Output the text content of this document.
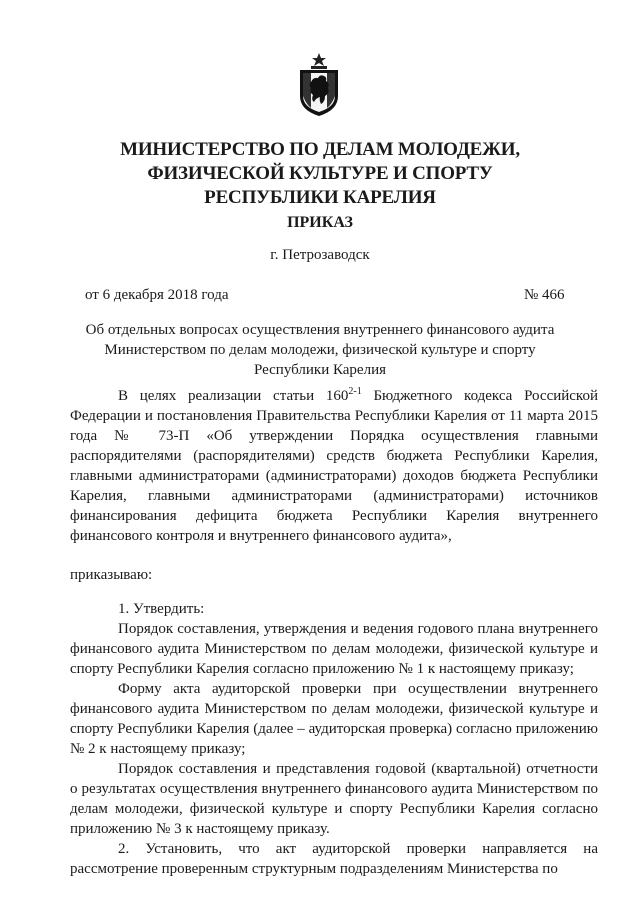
МИНИСТЕРСТВО ПО ДЕЛАМ МОЛОДЕЖИ,
ФИЗИЧЕСКОЙ КУЛЬТУРЕ И СПОРТУ
РЕСПУБЛИКИ КАРЕЛИЯ
ПРИКАЗ
г. Петрозаводск
от 6 декабря 2018 года	№ 466
Об отдельных вопросах осуществления внутреннего финансового аудита
Министерством по делам молодежи, физической культуре и спорту
Республики Карелия

В целях реализации статьи 160$^{2-1}$ Бюджетного кодекса Российской Федерации и постановления Правительства Республики Карелия от 11 марта 2015 года № 73-П «Об утверждении Порядка осуществления главными распорядителями (распорядителями) средств бюджета Республики Карелия, главными администраторами (администраторами) доходов бюджета Республики Карелия, главными администраторами (администраторами) источников финансирования дефицита бюджета Республики Карелия внутреннего финансового контроля и внутреннего финансового аудита»,

приказываю:

1. Утвердить:

Порядок составления, утверждения и ведения годового плана внутреннего финансового аудита Министерством по делам молодежи, физической культуре и спорту Республики Карелия согласно приложению № 1 к настоящему приказу;

Форму акта аудиторской проверки при осуществлении внутреннего финансового аудита Министерством по делам молодежи, физической культуре и спорту Республики Карелия (далее – аудиторская проверка) согласно приложению № 2 к настоящему приказу;

Порядок составления и представления годовой (квартальной) отчетности о результатах осуществления внутреннего финансового аудита Министерством по делам молодежи, физической культуре и спорту Республики Карелия согласно приложению № 3 к настоящему приказу.

2. Установить, что акт аудиторской проверки направляется на рассмотрение проверенным структурным подразделениям Министерства по
